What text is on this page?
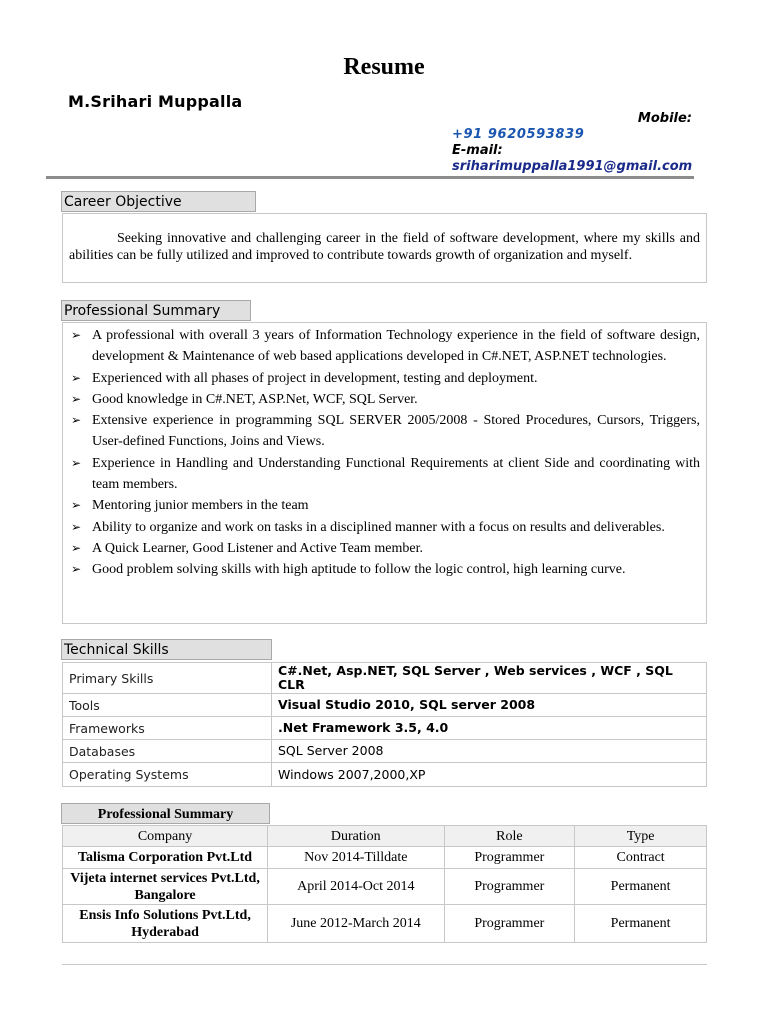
Resume
M.Srihari Muppalla
Mobile:
+91 9620593839
E-mail:
sriharimuppalla1991@gmail.com
Career Objective
Seeking innovative and challenging career in the field of software development, where my skills and abilities can be fully utilized and improved to contribute towards growth of organization and myself.
Professional Summary
➢ A professional with overall 3 years of Information Technology experience in the field of software design, development & Maintenance of web based applications developed in C#.NET, ASP.NET technologies.
➢ Experienced with all phases of project in development, testing and deployment.
➢ Good knowledge in C#.NET, ASP.Net, WCF, SQL Server.
➢ Extensive experience in programming SQL SERVER 2005/2008 - Stored Procedures, Cursors, Triggers, User-defined Functions, Joins and Views.
➢ Experience in Handling and Understanding Functional Requirements at client Side and coordinating with team members.
➢ Mentoring junior members in the team
➢ Ability to organize and work on tasks in a disciplined manner with a focus on results and deliverables.
➢ A Quick Learner, Good Listener and Active Team member.
➢ Good problem solving skills with high aptitude to follow the logic control, high learning curve.
Technical Skills
Primary Skills	C#.Net, Asp.NET, SQL Server , Web services , WCF , SQL CLR
Tools	Visual Studio 2010, SQL server 2008
Frameworks	.Net Framework 3.5, 4.0
Databases	SQL Server 2008
Operating Systems	Windows 2007,2000,XP
Professional Summary
Company	Duration	Role	Type
Talisma Corporation Pvt.Ltd	Nov 2014-Tilldate	Programmer	Contract
Vijeta internet services Pvt.Ltd, Bangalore	April 2014-Oct 2014	Programmer	Permanent
Ensis Info Solutions Pvt.Ltd, Hyderabad	June 2012-March 2014	Programmer	Permanent
